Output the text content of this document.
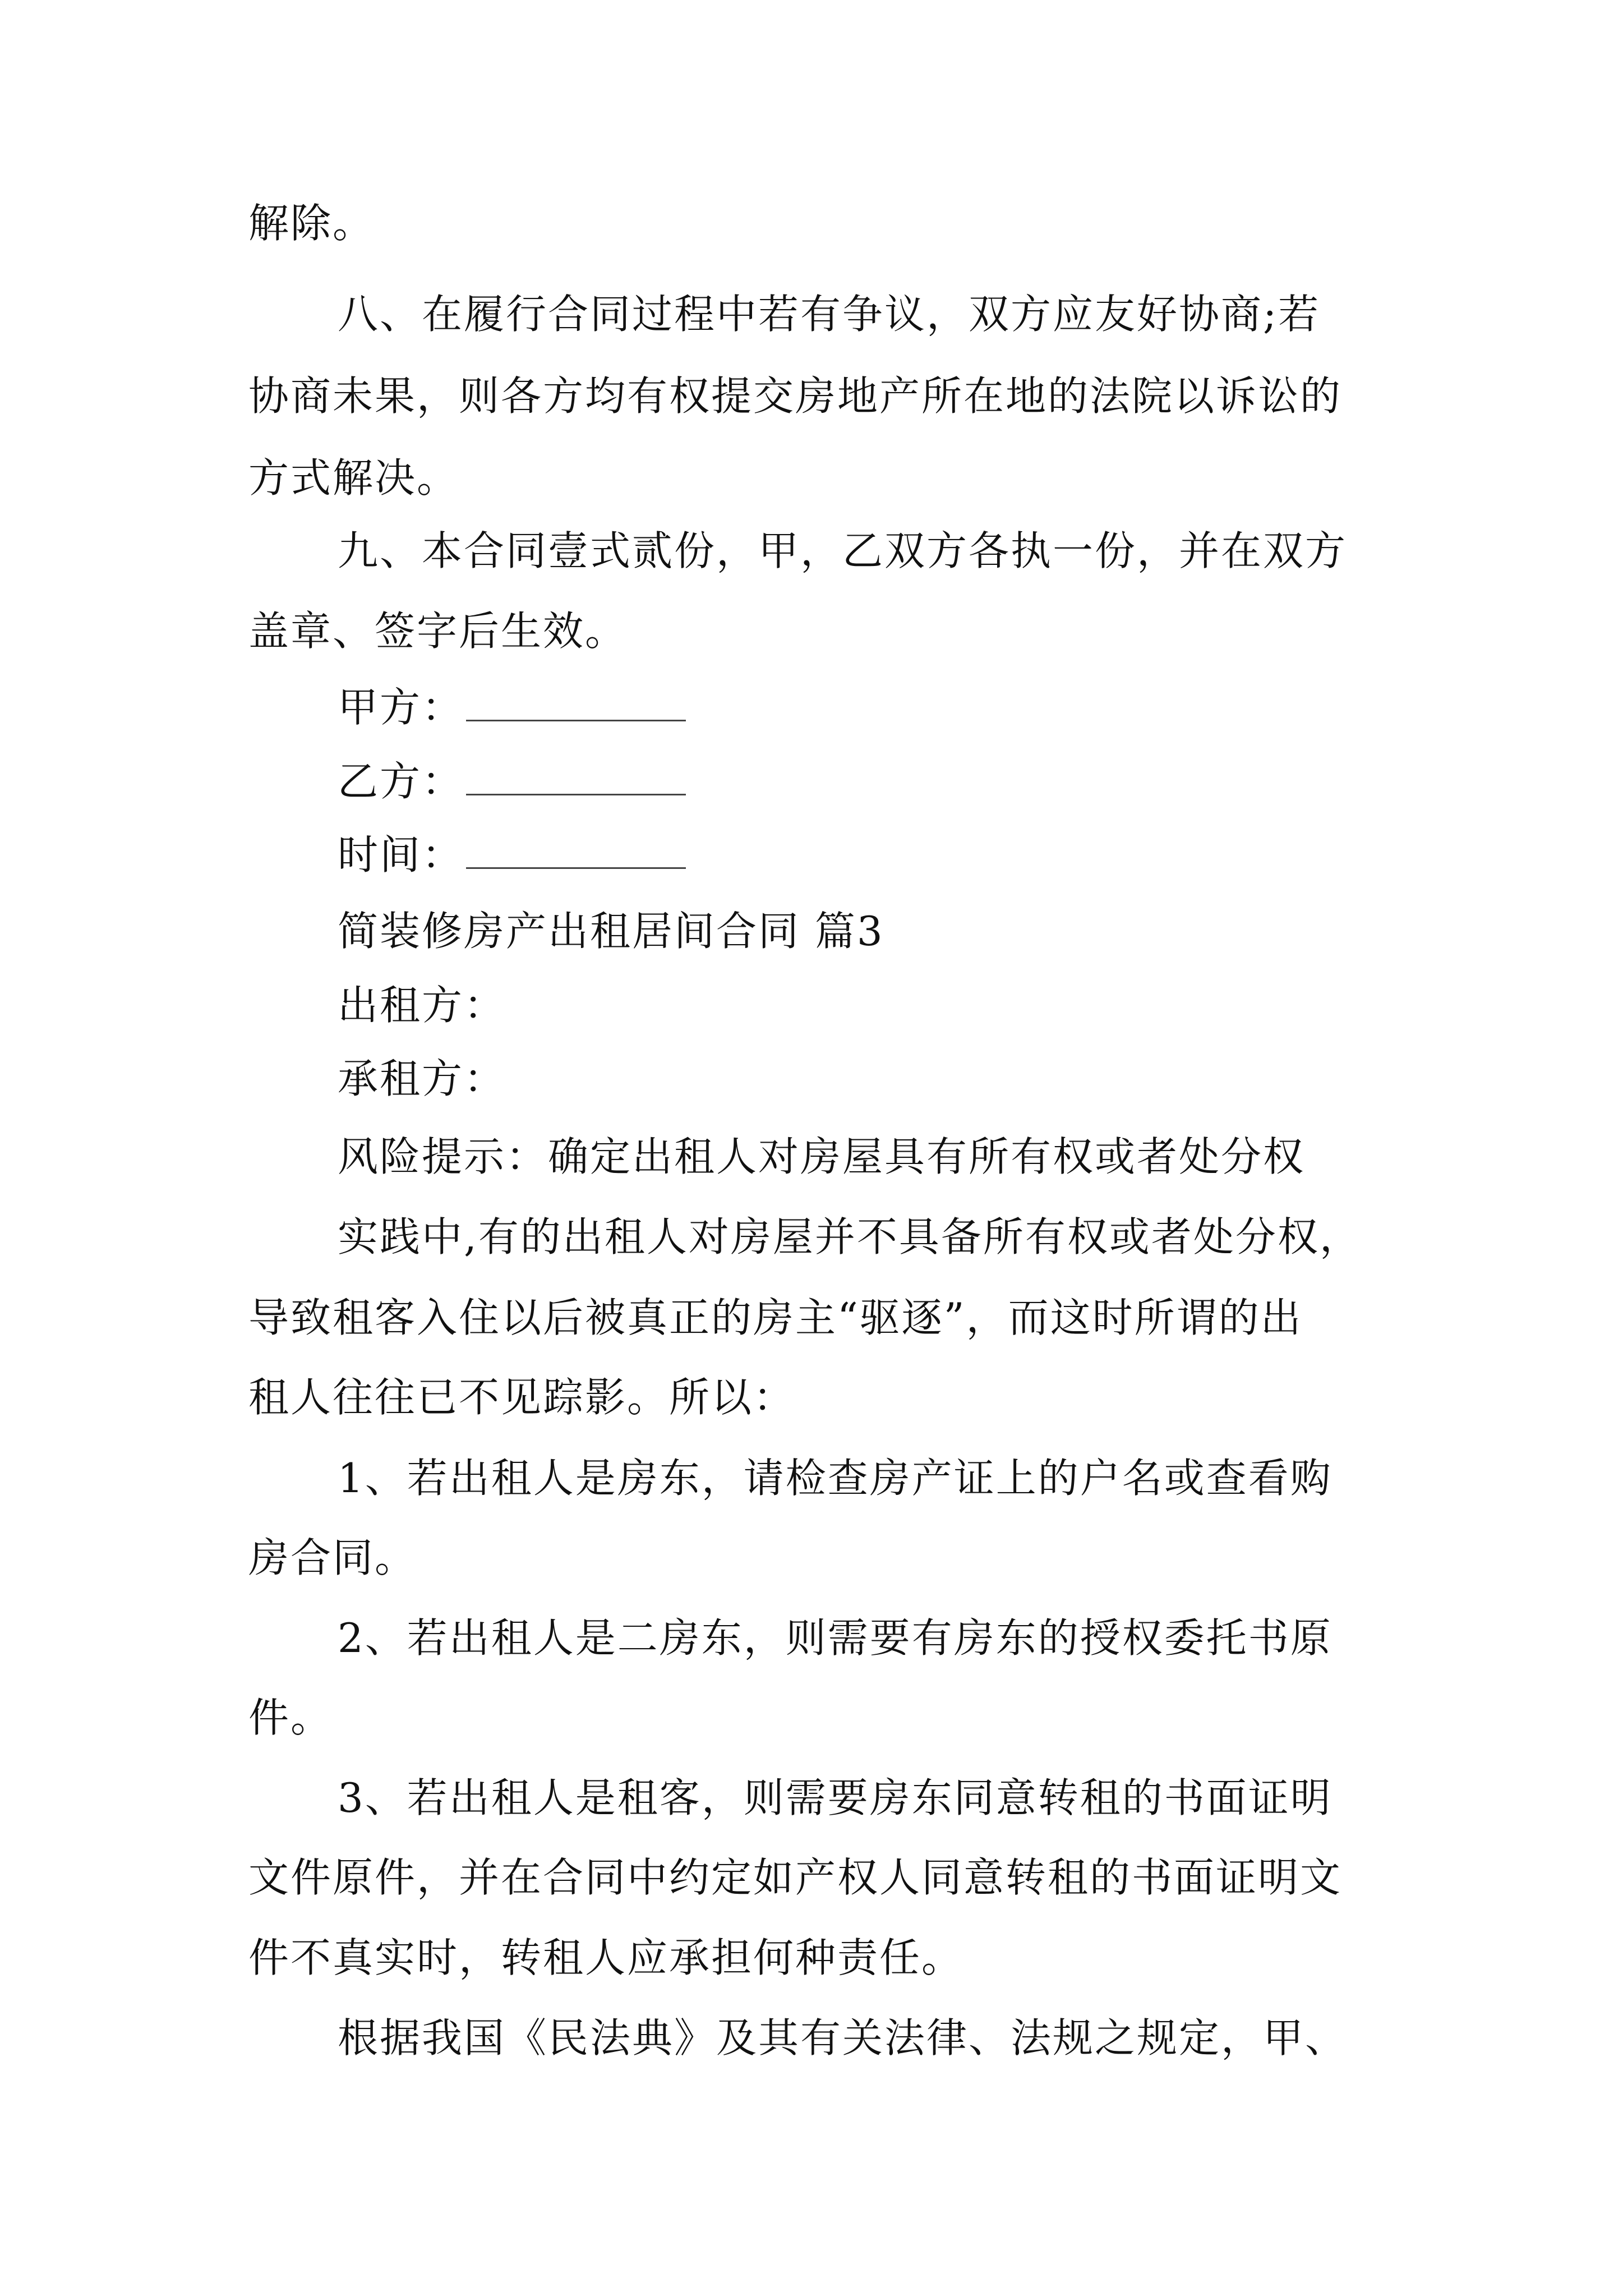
解除。
八、在履行合同过程中若有争议，双方应友好协商;若
协商未果，则各方均有权提交房地产所在地的法院以诉讼的
方式解决。
九、本合同壹式贰份，甲，乙双方各执一份，并在双方
盖章、签字后生效。
甲方：
乙方：
时间：
简装修房产出租居间合同 篇3
出租方：
承租方：
风险提示：确定出租人对房屋具有所有权或者处分权
实践中,有的出租人对房屋并不具备所有权或者处分权，
导致租客入住以后被真正的房主“驱逐”，而这时所谓的出
租人往往已不见踪影。所以：
1、若出租人是房东，请检查房产证上的户名或查看购
房合同。
2、若出租人是二房东，则需要有房东的授权委托书原
件。
3、若出租人是租客，则需要房东同意转租的书面证明
文件原件，并在合同中约定如产权人同意转租的书面证明文
件不真实时，转租人应承担何种责任。
根据我国《民法典》及其有关法律、法规之规定，甲、
